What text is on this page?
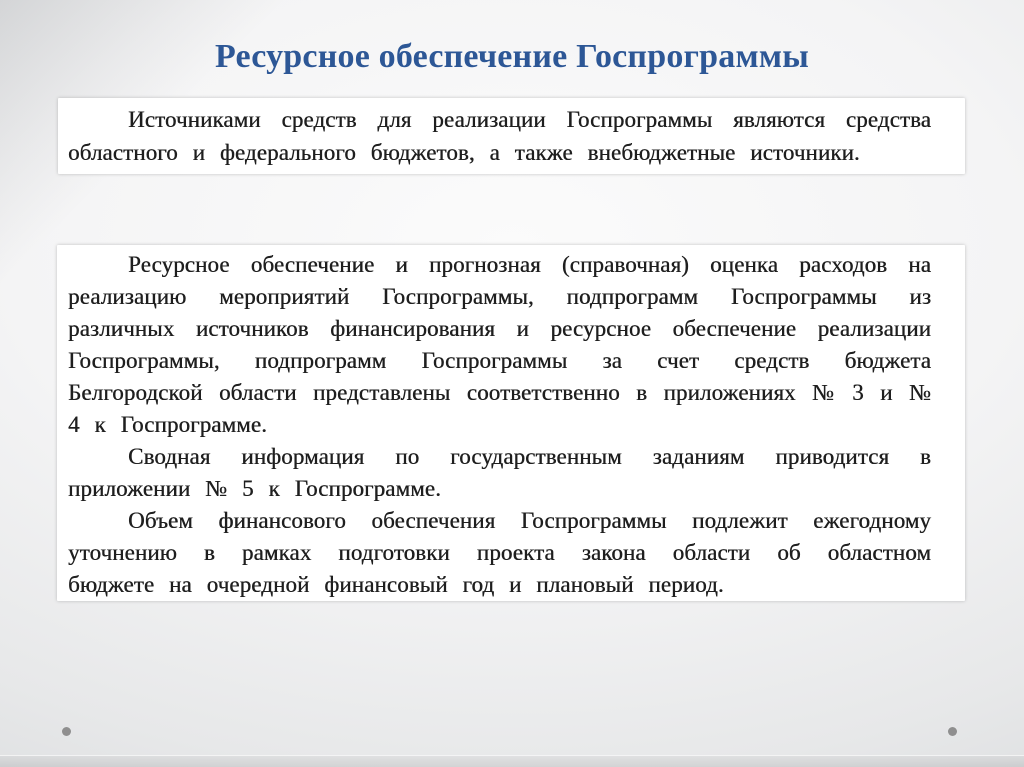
Ресурсное обеспечение Госпрограммы

Источниками средств для реализации Госпрограммы являются средства областного и федерального бюджетов, а также внебюджетные источники.

Ресурсное обеспечение и прогнозная (справочная) оценка расходов на реализацию мероприятий Госпрограммы, подпрограмм Госпрограммы из различных источников финансирования и ресурсное обеспечение реализации Госпрограммы, подпрограмм Госпрограммы за счет средств бюджета Белгородской области представлены соответственно в приложениях № 3 и № 4 к Госпрограмме.

Сводная информация по государственным заданиям приводится в приложении № 5 к Госпрограмме.

Объем финансового обеспечения Госпрограммы подлежит ежегодному уточнению в рамках подготовки проекта закона области об областном бюджете на очередной финансовый год и плановый период.
